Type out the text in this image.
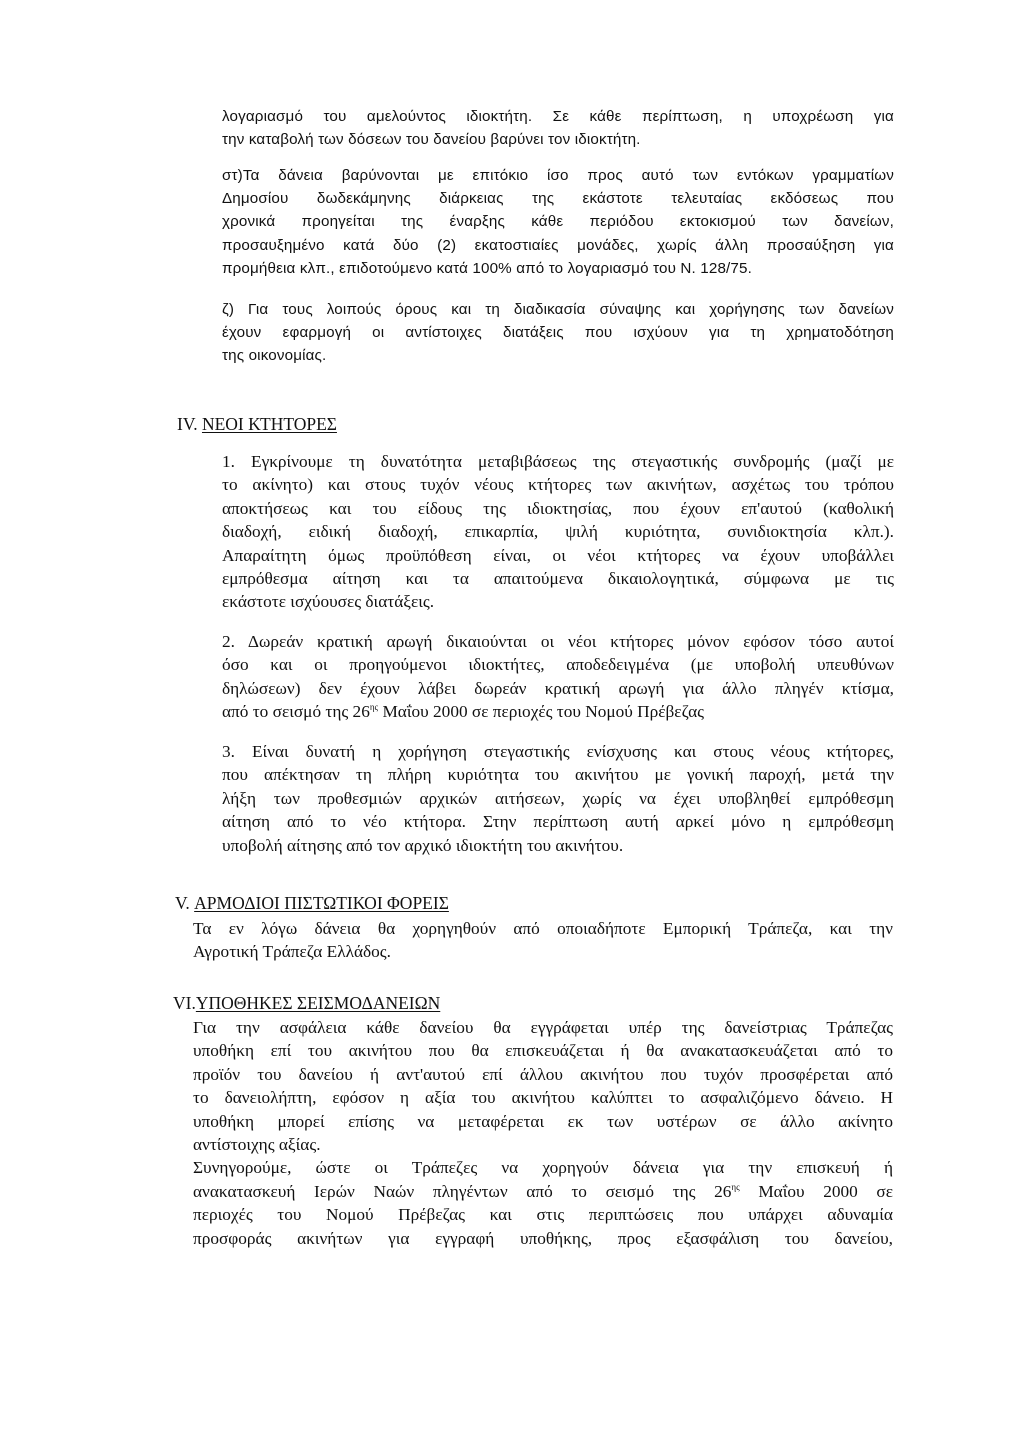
λογαριασμό του αμελούντος ιδιοκτήτη. Σε κάθε περίπτωση, η υποχρέωση για
την καταβολή των δόσεων του δανείου βαρύνει τον ιδιοκτήτη.
στ)Τα δάνεια βαρύνονται με επιτόκιο ίσο προς αυτό των εντόκων γραμματίων
Δημοσίου δωδεκάμηνης διάρκειας της εκάστοτε τελευταίας εκδόσεως που
χρονικά προηγείται της έναρξης κάθε περιόδου εκτοκισμού των δανείων,
προσαυξημένο κατά δύο (2) εκατοστιαίες μονάδες, χωρίς άλλη προσαύξηση για
προμήθεια κλπ., επιδοτούμενο κατά 100% από το λογαριασμό του Ν. 128/75.
ζ) Για τους λοιπούς όρους και τη διαδικασία σύναψης και χορήγησης των δανείων
έχουν εφαρμογή οι αντίστοιχες διατάξεις που ισχύουν για τη χρηματοδότηση
της οικονομίας.
IV. ΝΕΟΙ ΚΤΗΤΟΡΕΣ
1. Εγκρίνουμε τη δυνατότητα μεταβιβάσεως της στεγαστικής συνδρομής (μαζί με
το ακίνητο) και στους τυχόν νέους κτήτορες των ακινήτων, ασχέτως του τρόπου
αποκτήσεως και του είδους της ιδιοκτησίας, που έχουν επ'αυτού (καθολική
διαδοχή, ειδική διαδοχή, επικαρπία, ψιλή κυριότητα, συνιδιοκτησία κλπ.).
Απαραίτητη όμως προϋπόθεση είναι, οι νέοι κτήτορες να έχουν υποβάλλει
εμπρόθεσμα αίτηση και τα απαιτούμενα δικαιολογητικά, σύμφωνα με τις
εκάστοτε ισχύουσες διατάξεις.
2. Δωρεάν κρατική αρωγή δικαιούνται οι νέοι κτήτορες μόνον εφόσον τόσο αυτοί
όσο και οι προηγούμενοι ιδιοκτήτες, αποδεδειγμένα (με υποβολή υπευθύνων
δηλώσεων) δεν έχουν λάβει δωρεάν κρατική αρωγή για άλλο πληγέν κτίσμα,
από το σεισμό της $26^{\eta\varsigma}$ Μαΐου 2000 σε περιοχές του Νομού Πρέβεζας
3. Είναι δυνατή η χορήγηση στεγαστικής ενίσχυσης και στους νέους κτήτορες,
που απέκτησαν τη πλήρη κυριότητα του ακινήτου με γονική παροχή, μετά την
λήξη των προθεσμιών αρχικών αιτήσεων, χωρίς να έχει υποβληθεί εμπρόθεσμη
αίτηση από το νέο κτήτορα. Στην περίπτωση αυτή αρκεί μόνο η εμπρόθεσμη
υποβολή αίτησης από τον αρχικό ιδιοκτήτη του ακινήτου.
V. ΑΡΜΟΔΙΟΙ ΠΙΣΤΩΤΙΚΟΙ ΦΟΡΕΙΣ
Τα εν λόγω δάνεια θα χορηγηθούν από οποιαδήποτε Εμπορική Τράπεζα, και την
Αγροτική Τράπεζα Ελλάδος.
VI.ΥΠΟΘΗΚΕΣ ΣΕΙΣΜΟΔΑΝΕΙΩΝ
Για την ασφάλεια κάθε δανείου θα εγγράφεται υπέρ της δανείστριας Τράπεζας
υποθήκη επί του ακινήτου που θα επισκευάζεται ή θα ανακατασκευάζεται από το
προϊόν του δανείου ή αντ'αυτού επί άλλου ακινήτου που τυχόν προσφέρεται από
το δανειολήπτη, εφόσον η αξία του ακινήτου καλύπτει το ασφαλιζόμενο δάνειο. Η
υποθήκη μπορεί επίσης να μεταφέρεται εκ των υστέρων σε άλλο ακίνητο
αντίστοιχης αξίας.
Συνηγορούμε, ώστε οι Τράπεζες να χορηγούν δάνεια για την επισκευή ή
ανακατασκευή Ιερών Ναών πληγέντων από το σεισμό της $26^{\eta\varsigma}$ Μαΐου 2000 σε
περιοχές του Νομού Πρέβεζας και στις περιπτώσεις που υπάρχει αδυναμία
προσφοράς ακινήτων για εγγραφή υποθήκης, προς εξασφάλιση του δανείου,
